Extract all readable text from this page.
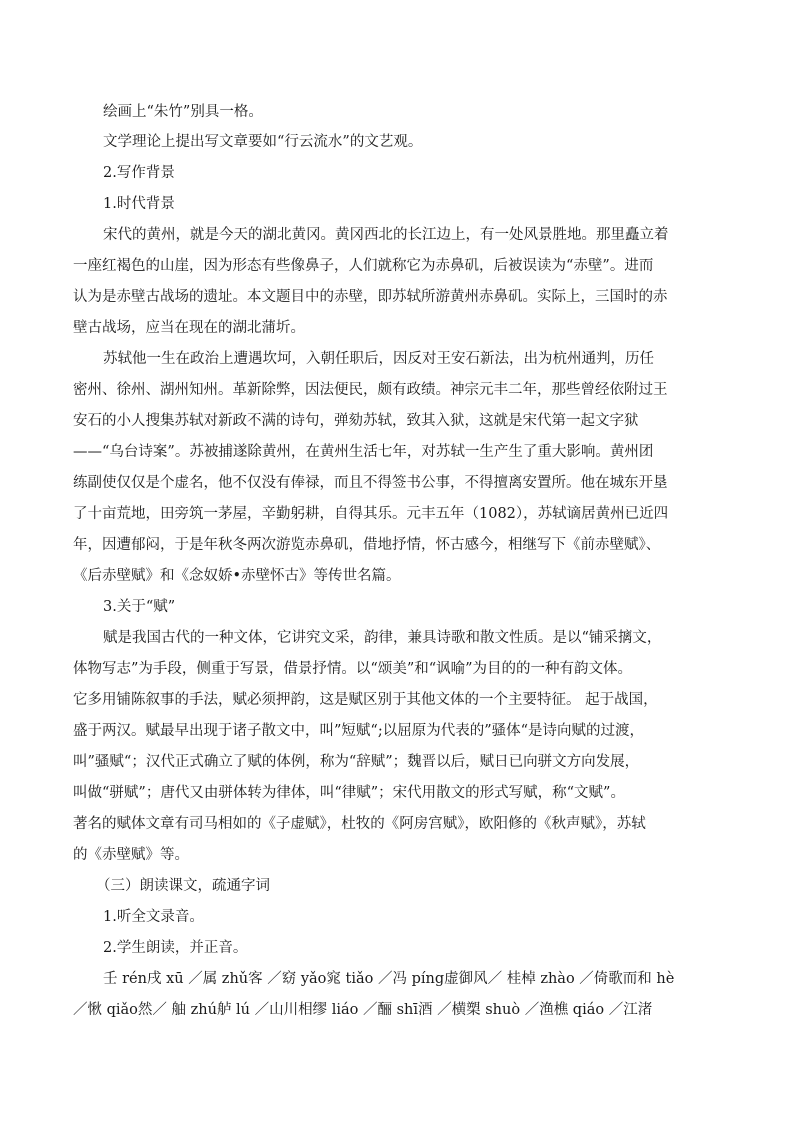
绘画上“朱竹”别具一格。
文学理论上提出写文章要如“行云流水”的文艺观。
2.写作背景
1.时代背景
宋代的黄州，就是今天的湖北黄冈。黄冈西北的长江边上，有一处风景胜地。那里矗立着
一座红褐色的山崖，因为形态有些像鼻子，人们就称它为赤鼻矶，后被误读为“赤壁”。进而
认为是赤壁古战场的遗址。本文题目中的赤壁，即苏轼所游黄州赤鼻矶。实际上，三国时的赤
壁古战场，应当在现在的湖北蒲圻。
苏轼他一生在政治上遭遇坎坷，入朝任职后，因反对王安石新法，出为杭州通判，历任
密州、徐州、湖州知州。革新除弊，因法便民，颇有政绩。神宗元丰二年，那些曾经依附过王
安石的小人搜集苏轼对新政不满的诗句，弹劾苏轼，致其入狱，这就是宋代第一起文字狱
——“乌台诗案”。苏被捕遂除黄州，在黄州生活七年，对苏轼一生产生了重大影响。黄州团
练副使仅仅是个虚名，他不仅没有俸禄，而且不得签书公事，不得擅离安置所。他在城东开垦
了十亩荒地，田旁筑一茅屋，辛勤躬耕，自得其乐。元丰五年（1082），苏轼谪居黄州已近四
年，因遭郁闷，于是年秋冬两次游览赤鼻矶，借地抒情，怀古感今，相继写下《前赤壁赋》、
《后赤壁赋》和《念奴娇•赤壁怀古》等传世名篇。
3.关于“赋”
赋是我国古代的一种文体，它讲究文采，韵律，兼具诗歌和散文性质。是以“铺采摛文，
体物写志”为手段，侧重于写景，借景抒情。以“颂美”和“讽喻”为目的的一种有韵文体。
它多用铺陈叙事的手法，赋必须押韵，这是赋区别于其他文体的一个主要特征。 起于战国，
盛于两汉。赋最早出现于诸子散文中，叫”短赋“;以屈原为代表的”骚体“是诗向赋的过渡，
叫”骚赋“；汉代正式确立了赋的体例，称为“辞赋”；魏晋以后，赋日已向骈文方向发展，
叫做“骈赋”；唐代又由骈体转为律体，叫“律赋”；宋代用散文的形式写赋，称“文赋”。
著名的赋体文章有司马相如的《子虚赋》，杜牧的《阿房宫赋》，欧阳修的《秋声赋》，苏轼
的《赤壁赋》等。
（三）朗读课文，疏通字词
1.听全文录音。
2.学生朗读，并正音。
壬 rén戌 xū ／属 zhǔ客 ／窈 yǎo窕 tiǎo ／冯 píng虚御风／ 桂棹 zhào ／倚歌而和 hè
／愀 qiǎo然／ 舳 zhú舻 lú ／山川相缪 liáo ／酾 shī酒 ／横槊 shuò ／渔樵 qiáo ／江渚
